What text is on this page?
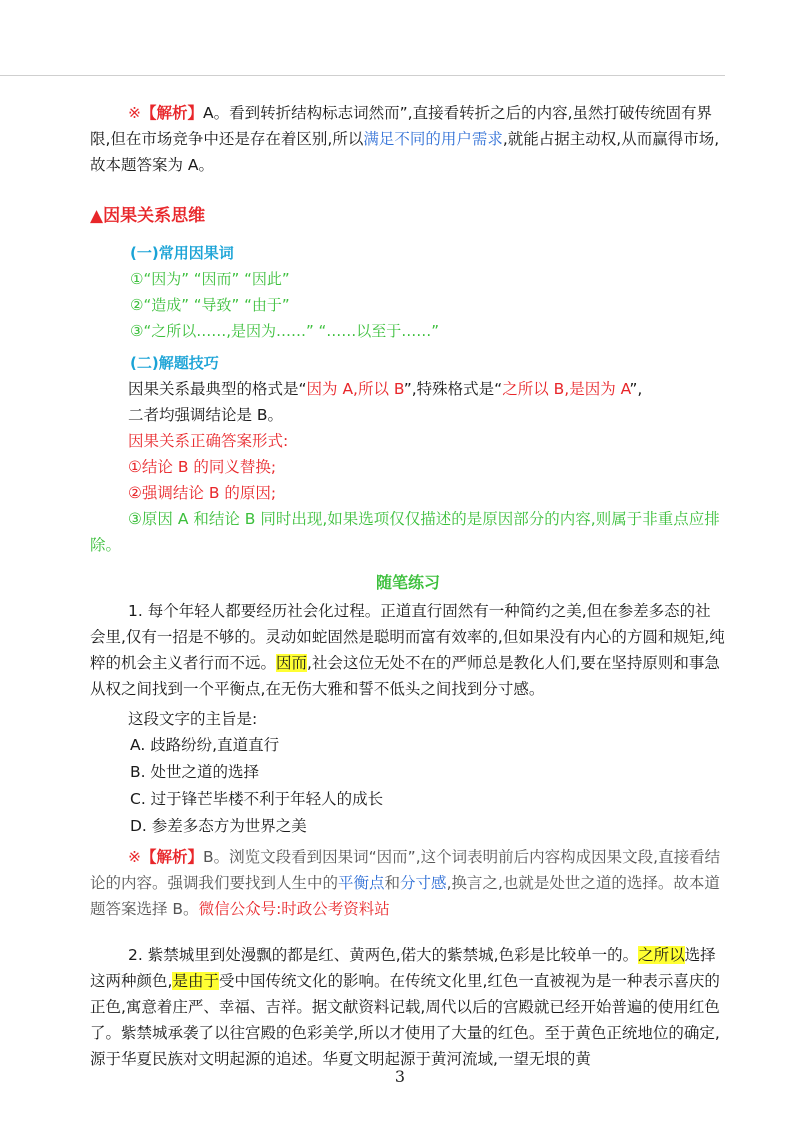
※【解析】A。看到转折结构标志词然而”,直接看转折之后的内容,虽然打破传统固有界限,但在市场竞争中还是存在着区别,所以满足不同的用户需求,就能占据主动权,从而赢得市场,故本题答案为 A。

▲因果关系思维

(一)常用因果词

①“因为” “因而” “因此”

②“造成” “导致” “由于”

③“之所以……,是因为……” “……以至于……”

(二)解题技巧

因果关系最典型的格式是“因为 A,所以 B”,特殊格式是“之所以 B,是因为 A”,

二者均强调结论是 B。

因果关系正确答案形式:

①结论 B 的同义替换;

②强调结论 B 的原因;

③原因 A 和结论 B 同时出现,如果选项仅仅描述的是原因部分的内容,则属于非重点应排除。

随笔练习

1. 每个年轻人都要经历社会化过程。正道直行固然有一种简约之美,但在参差多态的社会里,仅有一招是不够的。灵动如蛇固然是聪明而富有效率的,但如果没有内心的方圆和规矩,纯粹的机会主义者行而不远。因而,社会这位无处不在的严师总是教化人们,要在坚持原则和事急从权之间找到一个平衡点,在无伤大雅和誓不低头之间找到分寸感。

这段文字的主旨是:

A. 歧路纷纷,直道直行

B. 处世之道的选择

C. 过于锋芒毕楼不利于年轻人的成长

D. 参差多态方为世界之美

※【解析】B。浏览文段看到因果词“因而”,这个词表明前后内容构成因果文段,直接看结论的内容。强调我们要找到人生中的平衡点和分寸感,换言之,也就是处世之道的选择。故本道题答案选择 B。微信公众号:时政公考资料站

2. 紫禁城里到处漫飘的都是红、黄两色,偌大的紫禁城,色彩是比较单一的。之所以选择这两种颜色,是由于受中国传统文化的影响。在传统文化里,红色一直被视为是一种表示喜庆的正色,寓意着庄严、幸福、吉祥。据文献资料记载,周代以后的宫殿就已经开始普遍的使用红色了。紫禁城承袭了以往宫殿的色彩美学,所以才使用了大量的红色。至于黄色正统地位的确定,源于华夏民族对文明起源的追述。华夏文明起源于黄河流域,一望无垠的黄

3
